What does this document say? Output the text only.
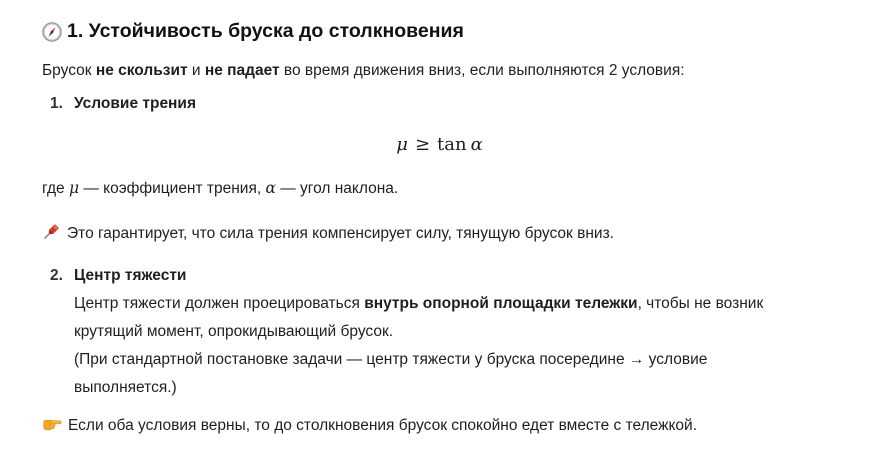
1. Устойчивость бруска до столкновения
Брусок не скользит и не падает во время движения вниз, если выполняются 2 условия:
1. Условие трения
μ ≥ tan α
где μ — коэффициент трения, α — угол наклона.
Это гарантирует, что сила трения компенсирует силу, тянущую брусок вниз.
2. Центр тяжести
Центр тяжести должен проецироваться внутрь опорной площадки тележки, чтобы не возник
крутящий момент, опрокидывающий брусок.
(При стандартной постановке задачи — центр тяжести у бруска посередине → условие
выполняется.)
Если оба условия верны, то до столкновения брусок спокойно едет вместе с тележкой.
